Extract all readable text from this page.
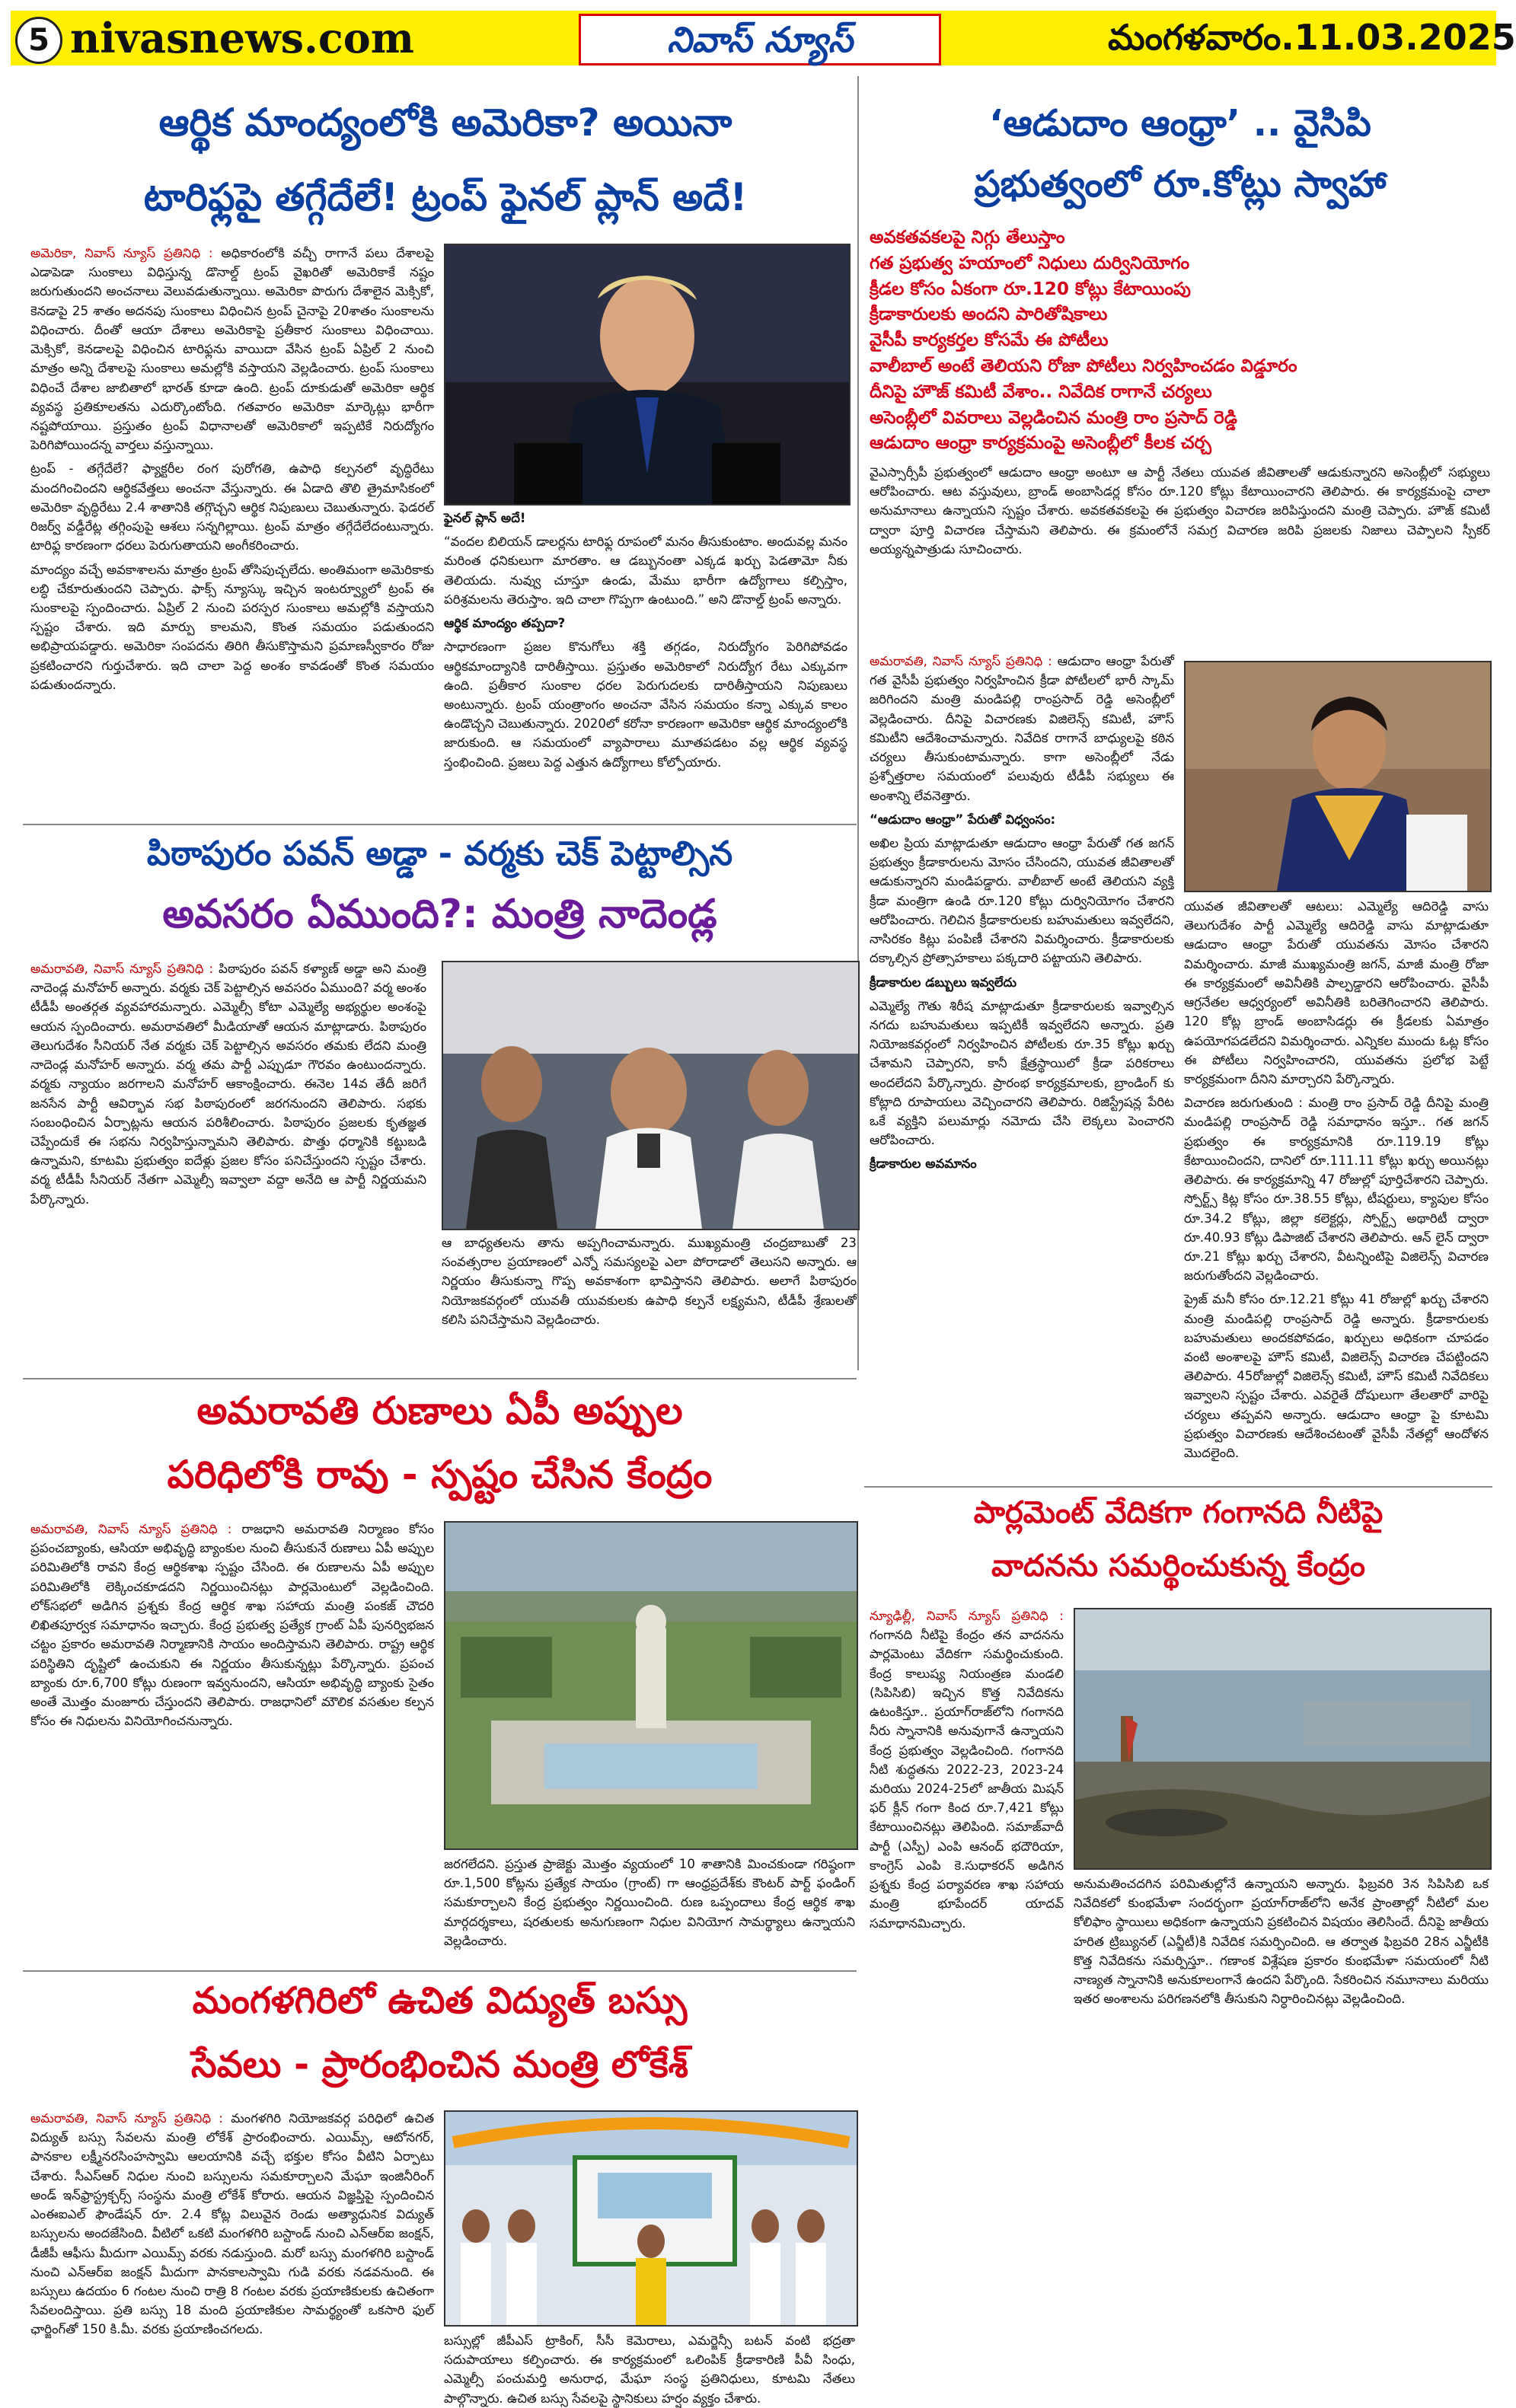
5 nivasnews.com	నివాస్ న్యూస్	మంగళవారం.11.03.2025
ఆర్థిక మాంద్యంలోకి అమెరికా? అయినా
టారిఫ్లపై తగ్గేదేలే! ట్రంప్ ఫైనల్ ప్లాన్ అదే!

అమెరికా, నివాస్ న్యూస్ ప్రతినిధి : అధికారంలోకి వచ్చీ రాగానే పలు దేశాలపై ఎడాపెడా సుంకాలు విధిస్తున్న డొనాల్డ్ ట్రంప్ వైఖరితో అమెరికాకే నష్టం జరుగుతుందని అంచనాలు వెలువడుతున్నాయి. అమెరికా పొరుగు దేశాలైన మెక్సికో, కెనడాపై 25 శాతం అదనపు సుంకాలు విధించిన ట్రంప్ చైనాపై 20శాతం సుంకాలను విధించారు. దీంతో ఆయా దేశాలు అమెరికాపై ప్రతీకార సుంకాలు విధించాయి. మెక్సికో, కెనడాలపై విధించిన టారిఫ్లను వాయిదా వేసిన ట్రంప్ ఏప్రిల్ 2 నుంచి మాత్రం అన్ని దేశాలపై సుంకాలు అమల్లోకి వస్తాయని వెల్లడించారు. ట్రంప్ సుంకాలు విధించే దేశాల జాబితాలో భారత్ కూడా ఉంది. ట్రంప్ దూకుడుతో అమెరికా ఆర్థిక వ్యవస్థ ప్రతికూలతను ఎదుర్కొంటోంది. గతవారం అమెరికా మార్కెట్లు భారీగా నష్టపోయాయి. ప్రస్తుతం ట్రంప్ విధానాలతో అమెరికాలో ఇప్పటికే నిరుద్యోగం పెరిగిపోయిందన్న వార్తలు వస్తున్నాయి.

ట్రంప్ - తగ్గేదేలే? ఫ్యాక్టరీల రంగ పురోగతి, ఉపాధి కల్పనలో వృద్ధిరేటు మందగించిందని ఆర్థికవేత్తలు అంచనా వేస్తున్నారు. ఈ ఏడాది తొలి త్రైమాసికంలో అమెరికా వృద్ధిరేటు 2.4 శాతానికి తగ్గొచ్చని ఆర్థిక నిపుణులు చెబుతున్నారు. ఫెడరల్ రిజర్వ్ వడ్డీరేట్ల తగ్గింపుపై ఆశలు సన్నగిల్లాయి. ట్రంప్ మాత్రం తగ్గేదేలేదంటున్నారు. టారిఫ్ల కారణంగా ధరలు పెరుగుతాయని అంగీకరించారు.

మాంద్యం వచ్చే అవకాశాలను మాత్రం ట్రంప్ తోసిపుచ్చలేదు. అంతిమంగా అమెరికాకు లబ్ధి చేకూరుతుందని చెప్పారు. ఫాక్స్ న్యూస్కు ఇచ్చిన ఇంటర్వ్యూలో ట్రంప్ ఈ సుంకాలపై స్పందించారు. ఏప్రిల్ 2 నుంచి పరస్పర సుంకాలు అమల్లోకి వస్తాయని స్పష్టం చేశారు. ఇది మార్పు కాలమని, కొంత సమయం పడుతుందని అభిప్రాయపడ్డారు. అమెరికా సంపదను తిరిగి తీసుకొస్తామని ప్రమాణస్వీకారం రోజు ప్రకటించారని గుర్తుచేశారు. ఇది చాలా పెద్ద అంశం కావడంతో కొంత సమయం పడుతుందన్నారు.

ఫైనల్ ప్లాన్ అదే!

“వందల బిలియన్ డాలర్లను టారిఫ్ల రూపంలో మనం తీసుకుంటాం. అందువల్ల మనం మరింత ధనికులుగా మారతాం. ఆ డబ్బునంతా ఎక్కడ ఖర్చు పెడతామో నీకు తెలియదు. నువ్వు చూస్తూ ఉండు, మేము భారీగా ఉద్యోగాలు కల్పిస్తాం, పరిశ్రమలను తెరుస్తాం. ఇది చాలా గొప్పగా ఉంటుంది.” అని డొనాల్డ్ ట్రంప్ అన్నారు.

ఆర్థిక మాంద్యం తప్పదా?

సాధారణంగా ప్రజల కొనుగోలు శక్తి తగ్గడం, నిరుద్యోగం పెరిగిపోవడం ఆర్థికమాంద్యానికి దారితీస్తాయి. ప్రస్తుతం అమెరికాలో నిరుద్యోగ రేటు ఎక్కువగా ఉంది. ప్రతీకార సుంకాల ధరల పెరుగుదలకు దారితీస్తాయని నిపుణులు అంటున్నారు. ట్రంప్ యంత్రాంగం అంచనా వేసిన సమయం కన్నా ఎక్కువ కాలం ఉండొచ్చని చెబుతున్నారు. 2020లో కరోనా కారణంగా అమెరికా ఆర్థిక మాంద్యంలోకి జారుకుంది. ఆ సమయంలో వ్యాపారాలు మూతపడటం వల్ల ఆర్థిక వ్యవస్థ స్తంభించింది. ప్రజలు పెద్ద ఎత్తున ఉద్యోగాలు కోల్పోయారు.

‘ఆడుదాం ఆంధ్రా’ .. వైసిపి
ప్రభుత్వంలో రూ.కోట్లు స్వాహా
అవకతవకలపై నిగ్గు తేలుస్తాం
గత ప్రభుత్వ హయాంలో నిధులు దుర్వినియోగం
క్రీడల కోసం ఏకంగా రూ.120 కోట్లు కేటాయింపు
క్రీడాకారులకు అందని పారితోషికాలు
వైసీపీ కార్యకర్తల కోసమే ఈ పోటీలు
వాలీబాల్ అంటే తెలియని రోజా పోటీలు నిర్వహించడం విడ్డూరం
దీనిపై హౌజ్ కమిటీ వేశాం.. నివేదిక రాగానే చర్యలు
అసెంబ్లీలో వివరాలు వెల్లడించిన మంత్రి రాం ప్రసాద్ రెడ్డి
ఆడుదాం ఆంధ్రా కార్యక్రమంపై అసెంబ్లీలో కీలక చర్చ

వైఎస్సార్సీపీ ప్రభుత్వంలో ఆడుదాం ఆంధ్రా అంటూ ఆ పార్టీ నేతలు యువత జీవితాలతో ఆడుకున్నారని అసెంబ్లీలో సభ్యులు ఆరోపించారు. ఆట వస్తువులు, బ్రాండ్ అంబాసిడర్ల కోసం రూ.120 కోట్లు కేటాయించారని తెలిపారు. ఈ కార్యక్రమంపై చాలా అనుమానాలు ఉన్నాయని స్పష్టం చేశారు. అవకతవకలపై ఈ ప్రభుత్వం విచారణ జరిపిస్తుందని మంత్రి చెప్పారు. హౌజ్ కమిటీ ద్వారా పూర్తి విచారణ చేస్తామని తెలిపారు. ఈ క్రమంలోనే సమగ్ర విచారణ జరిపి ప్రజలకు నిజాలు చెప్పాలని స్పీకర్ అయ్యన్నపాత్రుడు సూచించారు.

అమరావతి, నివాస్ న్యూస్ ప్రతినిధి : ఆడుదాం ఆంధ్రా పేరుతో గత వైసీపీ ప్రభుత్వం నిర్వహించిన క్రీడా పోటీలలో భారీ స్కామ్ జరిగిందని మంత్రి మండిపల్లి రాంప్రసాద్ రెడ్డి అసెంబ్లీలో వెల్లడించారు. దీనిపై విచారణకు విజిలెన్స్ కమిటీ, హౌస్ కమిటీని ఆదేశించామన్నారు. నివేదిక రాగానే బాధ్యులపై కఠిన చర్యలు తీసుకుంటామన్నారు. కాగా అసెంబ్లీలో నేడు ప్రశ్నోత్తరాల సమయంలో పలువురు టీడీపీ సభ్యులు ఈ అంశాన్ని లేవనెత్తారు.

“ఆడుదాం ఆంధ్రా” పేరుతో విధ్వంసం:

అఖిల ప్రియ మాట్లాడుతూ ఆడుదాం ఆంధ్రా పేరుతో గత జగన్ ప్రభుత్వం క్రీడాకారులను మోసం చేసిందని, యువత జీవితాలతో ఆడుకున్నారని మండిపడ్డారు. వాలీబాల్ అంటే తెలియని వ్యక్తి క్రీడా మంత్రిగా ఉండి రూ.120 కోట్లు దుర్వినియోగం చేశారని ఆరోపించారు. గెలిచిన క్రీడాకారులకు బహుమతులు ఇవ్వలేదని, నాసిరకం కిట్లు పంపిణీ చేశారని విమర్శించారు. క్రీడాకారులకు దక్కాల్సిన ప్రోత్సాహకాలు పక్కదారి పట్టాయని తెలిపారు.

క్రీడాకారుల డబ్బులు ఇవ్వలేదు

ఎమ్మెల్యే గౌతు శిరీష మాట్లాడుతూ క్రీడాకారులకు ఇవ్వాల్సిన నగదు బహుమతులు ఇప్పటికీ ఇవ్వలేదని అన్నారు. ప్రతి నియోజకవర్గంలో నిర్వహించిన పోటీలకు రూ.35 కోట్లు ఖర్చు చేశామని చెప్పారని, కానీ క్షేత్రస్థాయిలో క్రీడా పరికరాలు అందలేదని పేర్కొన్నారు. ప్రారంభ కార్యక్రమాలకు, బ్రాండింగ్ కు కోట్లాది రూపాయలు వెచ్చించారని తెలిపారు. రిజిస్ట్రేషన్ల పేరిట ఒకే వ్యక్తిని పలుమార్లు నమోదు చేసి లెక్కలు పెంచారని ఆరోపించారు.

క్రీడాకారుల అవమానం

యువత జీవితాలతో ఆటలు: ఎమ్మెల్యే ఆదిరెడ్డి వాసు తెలుగుదేశం పార్టీ ఎమ్మెల్యే ఆదిరెడ్డి వాసు మాట్లాడుతూ ఆడుదాం ఆంధ్రా పేరుతో యువతను మోసం చేశారని విమర్శించారు. మాజీ ముఖ్యమంత్రి జగన్, మాజీ మంత్రి రోజా ఈ కార్యక్రమంలో అవినీతికి పాల్పడ్డారని ఆరోపించారు. వైసీపీ ఆగ్రనేతల ఆధ్వర్యంలో అవినీతికి బరితెగించారని తెలిపారు. 120 కోట్ల బ్రాండ్ అంబాసిడర్లు ఈ క్రీడలకు ఏమాత్రం ఉపయోగపడలేదని విమర్శించారు. ఎన్నికల ముందు ఓట్ల కోసం ఈ పోటీలు నిర్వహించారని, యువతను ప్రలోభ పెట్టే కార్యక్రమంగా దీనిని మార్చారని పేర్కొన్నారు.

విచారణ జరుగుతుంది : మంత్రి రాం ప్రసాద్ రెడ్డి దీనిపై మంత్రి మండిపల్లి రాంప్రసాద్ రెడ్డి సమాధానం ఇస్తూ.. గత జగన్ ప్రభుత్వం ఈ కార్యక్రమానికి రూ.119.19 కోట్లు కేటాయించిందని, దానిలో రూ.111.11 కోట్లు ఖర్చు అయినట్లు తెలిపారు. ఈ కార్యక్రమాన్ని 47 రోజుల్లో పూర్తిచేశారని చెప్పారు. స్పోర్ట్స్ కిట్ల కోసం రూ.38.55 కోట్లు, టీషర్టులు, క్యాపుల కోసం రూ.34.2 కోట్లు, జిల్లా కలెక్టర్లు, స్పోర్ట్స్ అథారిటీ ద్వారా రూ.40.93 కోట్లు డిపాజిట్ చేశారని తెలిపారు. ఆన్ లైన్ ద్వారా రూ.21 కోట్లు ఖర్చు చేశారని, వీటన్నింటిపై విజిలెన్స్ విచారణ జరుగుతోందని వెల్లడించారు.

ప్రైజ్ మనీ కోసం రూ.12.21 కోట్లు 41 రోజుల్లో ఖర్చు చేశారని మంత్రి మండిపల్లి రాంప్రసాద్ రెడ్డి అన్నారు. క్రీడాకారులకు బహుమతులు అందకపోవడం, ఖర్చులు అధికంగా చూపడం వంటి అంశాలపై హౌస్ కమిటీ, విజిలెన్స్ విచారణ చేపట్టిందని తెలిపారు. 45రోజుల్లో విజిలెన్స్ కమిటీ, హౌస్ కమిటీ నివేదికలు ఇవ్వాలని స్పష్టం చేశారు. ఎవరైతే దోషులుగా తేలతారో వారిపై చర్యలు తప్పవని అన్నారు. ఆడుదాం ఆంధ్రా పై కూటమి ప్రభుత్వం విచారణకు ఆదేశించటంతో వైసీపీ నేతల్లో ఆందోళన మొదలైంది.

పిఠాపురం పవన్ అడ్డా - వర్మకు చెక్ పెట్టాల్సిన
అవసరం ఏముంది?: మంత్రి నాదెండ్ల

అమరావతి, నివాస్ న్యూస్ ప్రతినిధి : పిఠాపురం పవన్ కళ్యాణ్ అడ్డా అని మంత్రి నాదెండ్ల మనోహర్ అన్నారు. వర్మకు చెక్ పెట్టాల్సిన అవసరం ఏముంది? వర్మ అంశం టీడీపీ అంతర్గత వ్యవహారమన్నారు. ఎమ్మెల్సీ కోటా ఎమ్మెల్యే అభ్యర్థుల అంశంపై ఆయన స్పందించారు. అమరావతిలో మీడియాతో ఆయన మాట్లాడారు. పిఠాపురం తెలుగుదేశం సీనియర్ నేత వర్మకు చెక్ పెట్టాల్సిన అవసరం తమకు లేదని మంత్రి నాదెండ్ల మనోహర్ అన్నారు. వర్మ తమ పార్టీ ఎప్పుడూ గౌరవం ఉంటుందన్నారు. వర్మకు న్యాయం జరగాలని మనోహర్ ఆకాంక్షించారు. ఈనెల 14వ తేదీ జరిగే జనసేన పార్టీ ఆవిర్భావ సభ పిఠాపురంలో జరగనుందని తెలిపారు. సభకు సంబంధించిన ఏర్పాట్లను ఆయన పరిశీలించారు. పిఠాపురం ప్రజలకు కృతజ్ఞత చెప్పేందుకే ఈ సభను నిర్వహిస్తున్నామని తెలిపారు. పొత్తు ధర్మానికి కట్టుబడి ఉన్నామని, కూటమి ప్రభుత్వం ఐదేళ్లు ప్రజల కోసం పనిచేస్తుందని స్పష్టం చేశారు. వర్మ టీడీపీ సీనియర్ నేతగా ఎమ్మెల్సీ ఇవ్వాలా వద్దా అనేది ఆ పార్టీ నిర్ణయమని పేర్కొన్నారు.

ఆ బాధ్యతలను తాను అప్పగించామన్నారు. ముఖ్యమంత్రి చంద్రబాబుతో 23 సంవత్సరాల ప్రయాణంలో ఎన్నో సమస్యలపై ఎలా పోరాడాలో తెలుసని అన్నారు. ఆ నిర్ణయం తీసుకున్నా గొప్ప అవకాశంగా భావిస్తానని తెలిపారు. అలాగే పిఠాపురం నియోజకవర్గంలో యువతీ యువకులకు ఉపాధి కల్పనే లక్ష్యమని, టీడీపీ శ్రేణులతో కలిసి పనిచేస్తామని వెల్లడించారు.

అమరావతి రుణాలు ఏపీ అప్పుల
పరిధిలోకి రావు - స్పష్టం చేసిన కేంద్రం

అమరావతి, నివాస్ న్యూస్ ప్రతినిధి : రాజధాని అమరావతి నిర్మాణం కోసం ప్రపంచబ్యాంకు, ఆసియా అభివృద్ధి బ్యాంకుల నుంచి తీసుకునే రుణాలు ఏపీ అప్పుల పరిమితిలోకి రావని కేంద్ర ఆర్థికశాఖ స్పష్టం చేసింది. ఈ రుణాలను ఏపీ అప్పుల పరిమితిలోకి లెక్కించకూడదని నిర్ణయించినట్లు పార్లమెంటులో వెల్లడించింది. లోక్‌సభలో అడిగిన ప్రశ్నకు కేంద్ర ఆర్థిక శాఖ సహాయ మంత్రి పంకజ్ చౌదరి లిఖితపూర్వక సమాధానం ఇచ్చారు. కేంద్ర ప్రభుత్వ ప్రత్యేక గ్రాంట్ ఏపీ పునర్విభజన చట్టం ప్రకారం అమరావతి నిర్మాణానికి సాయం అందిస్తామని తెలిపారు. రాష్ట్ర ఆర్థిక పరిస్థితిని దృష్టిలో ఉంచుకుని ఈ నిర్ణయం తీసుకున్నట్లు పేర్కొన్నారు. ప్రపంచ బ్యాంకు రూ.6,700 కోట్లు రుణంగా ఇవ్వనుందని, ఆసియా అభివృద్ధి బ్యాంకు సైతం అంతే మొత్తం మంజూరు చేస్తుందని తెలిపారు. రాజధానిలో మౌలిక వసతుల కల్పన కోసం ఈ నిధులను వినియోగించనున్నారు.

జరగలేదని. ప్రస్తుత ప్రాజెక్టు మొత్తం వ్యయంలో 10 శాతానికి మించకుండా గరిష్ఠంగా రూ.1,500 కోట్లను ప్రత్యేక సాయం (గ్రాంట్) గా ఆంధ్రప్రదేశ్‌కు కౌంటర్ పార్ట్ ఫండింగ్ సమకూర్చాలని కేంద్ర ప్రభుత్వం నిర్ణయించింది. రుణ ఒప్పందాలు కేంద్ర ఆర్థిక శాఖ మార్గదర్శకాలు, షరతులకు అనుగుణంగా నిధుల వినియోగ సామర్థ్యాలు ఉన్నాయని వెల్లడించారు.

పార్లమెంట్ వేదికగా గంగానది నీటిపై
వాదనను సమర్థించుకున్న కేంద్రం

న్యూఢిల్లీ, నివాస్ న్యూస్ ప్రతినిధి : గంగానది నీటిపై కేంద్రం తన వాదనను పార్లమెంటు వేదికగా సమర్థించుకుంది. కేంద్ర కాలుష్య నియంత్రణ మండలి (సిపిసిబి) ఇచ్చిన కొత్త నివేదికను ఉటంకిస్తూ.. ప్రయాగ్‌రాజ్‌లోని గంగానది నీరు స్నానానికి అనువుగానే ఉన్నాయని కేంద్ర ప్రభుత్వం వెల్లడించింది. గంగానది నీటి శుద్ధతను 2022-23, 2023-24 మరియు 2024-25లో జాతీయ మిషన్ ఫర్ క్లీన్ గంగా కింద రూ.7,421 కోట్లు కేటాయించినట్లు తెలిపింది. సమాజ్‌వాదీ పార్టీ (ఎస్పీ) ఎంపి ఆనంద్ భదౌరియా, కాంగ్రెస్ ఎంపి కె.సుధాకరన్ అడిగిన ప్రశ్నకు కేంద్ర పర్యావరణ శాఖ సహాయ మంత్రి భూపేందర్ యాదవ్ సమాధానమిచ్చారు.

అనుమతించదగిన పరిమితుల్లోనే ఉన్నాయని అన్నారు. ఫిబ్రవరి 3న సిపిసిబి ఒక నివేదికలో కుంభమేళా సందర్భంగా ప్రయాగ్‌రాజ్‌లోని అనేక ప్రాంతాల్లో నీటిలో మల కోలిఫాం స్థాయిలు అధికంగా ఉన్నాయని ప్రకటించిన విషయం తెలిసిందే. దీనిపై జాతీయ హరిత ట్రిబ్యునల్ (ఎన్జీటీ)కి నివేదిక సమర్పించింది. ఆ తర్వాత ఫిబ్రవరి 28న ఎన్జీటీకి కొత్త నివేదికను సమర్పిస్తూ.. గణాంక విశ్లేషణ ప్రకారం కుంభమేళా సమయంలో నీటి నాణ్యత స్నానానికి అనుకూలంగానే ఉందని పేర్కొంది. సేకరించిన నమూనాలు మరియు ఇతర అంశాలను పరిగణనలోకి తీసుకుని నిర్ధారించినట్లు వెల్లడించింది.

మంగళగిరిలో ఉచిత విద్యుత్ బస్సు
సేవలు - ప్రారంభించిన మంత్రి లోకేశ్

అమరావతి, నివాస్ న్యూస్ ప్రతినిధి : మంగళగిరి నియోజకవర్గ పరిధిలో ఉచిత విద్యుత్ బస్సు సేవలను మంత్రి లోకేశ్ ప్రారంభించారు. ఎయిమ్స్, ఆటోనగర్, పానకాల లక్ష్మీనరసింహస్వామి ఆలయానికి వచ్చే భక్తుల కోసం వీటిని ఏర్పాటు చేశారు. సీఎస్‌ఆర్ నిధుల నుంచి బస్సులను సమకూర్చాలని మేఘా ఇంజినీరింగ్ అండ్ ఇన్‌ఫ్రాస్ట్రక్చర్స్ సంస్థను మంత్రి లోకేశ్ కోరారు. ఆయన విజ్ఞప్తిపై స్పందించిన ఎంఈఐఎల్ ఫౌండేషన్ రూ. 2.4 కోట్ల విలువైన రెండు అత్యాధునిక విద్యుత్ బస్సులను అందజేసింది. వీటిలో ఒకటి మంగళగిరి బస్టాండ్ నుంచి ఎన్ఆర్ఐ జంక్షన్, డీజీపీ ఆఫీసు మీదుగా ఎయిమ్స్ వరకు నడుస్తుంది. మరో బస్సు మంగళగిరి బస్టాండ్ నుంచి ఎన్ఆర్ఐ జంక్షన్ మీదుగా పానకాలస్వామి గుడి వరకు నడవనుంది. ఈ బస్సులు ఉదయం 6 గంటల నుంచి రాత్రి 8 గంటల వరకు ప్రయాణికులకు ఉచితంగా సేవలందిస్తాయి. ప్రతి బస్సు 18 మంది ప్రయాణికుల సామర్థ్యంతో ఒకసారి ఫుల్ ఛార్జింగ్‌తో 150 కి.మీ. వరకు ప్రయాణించగలదు.

బస్సుల్లో జీపీఎస్ ట్రాకింగ్, సీసీ కెమెరాలు, ఎమర్జెన్సీ బటన్ వంటి భద్రతా సదుపాయాలు కల్పించారు. ఈ కార్యక్రమంలో ఒలింపిక్ క్రీడాకారిణి పీవీ సింధు, ఎమ్మెల్సీ పంచుమర్తి అనురాధ, మేఘా సంస్థ ప్రతినిధులు, కూటమి నేతలు పాల్గొన్నారు. ఉచిత బస్సు సేవలపై స్థానికులు హర్షం వ్యక్తం చేశారు.
